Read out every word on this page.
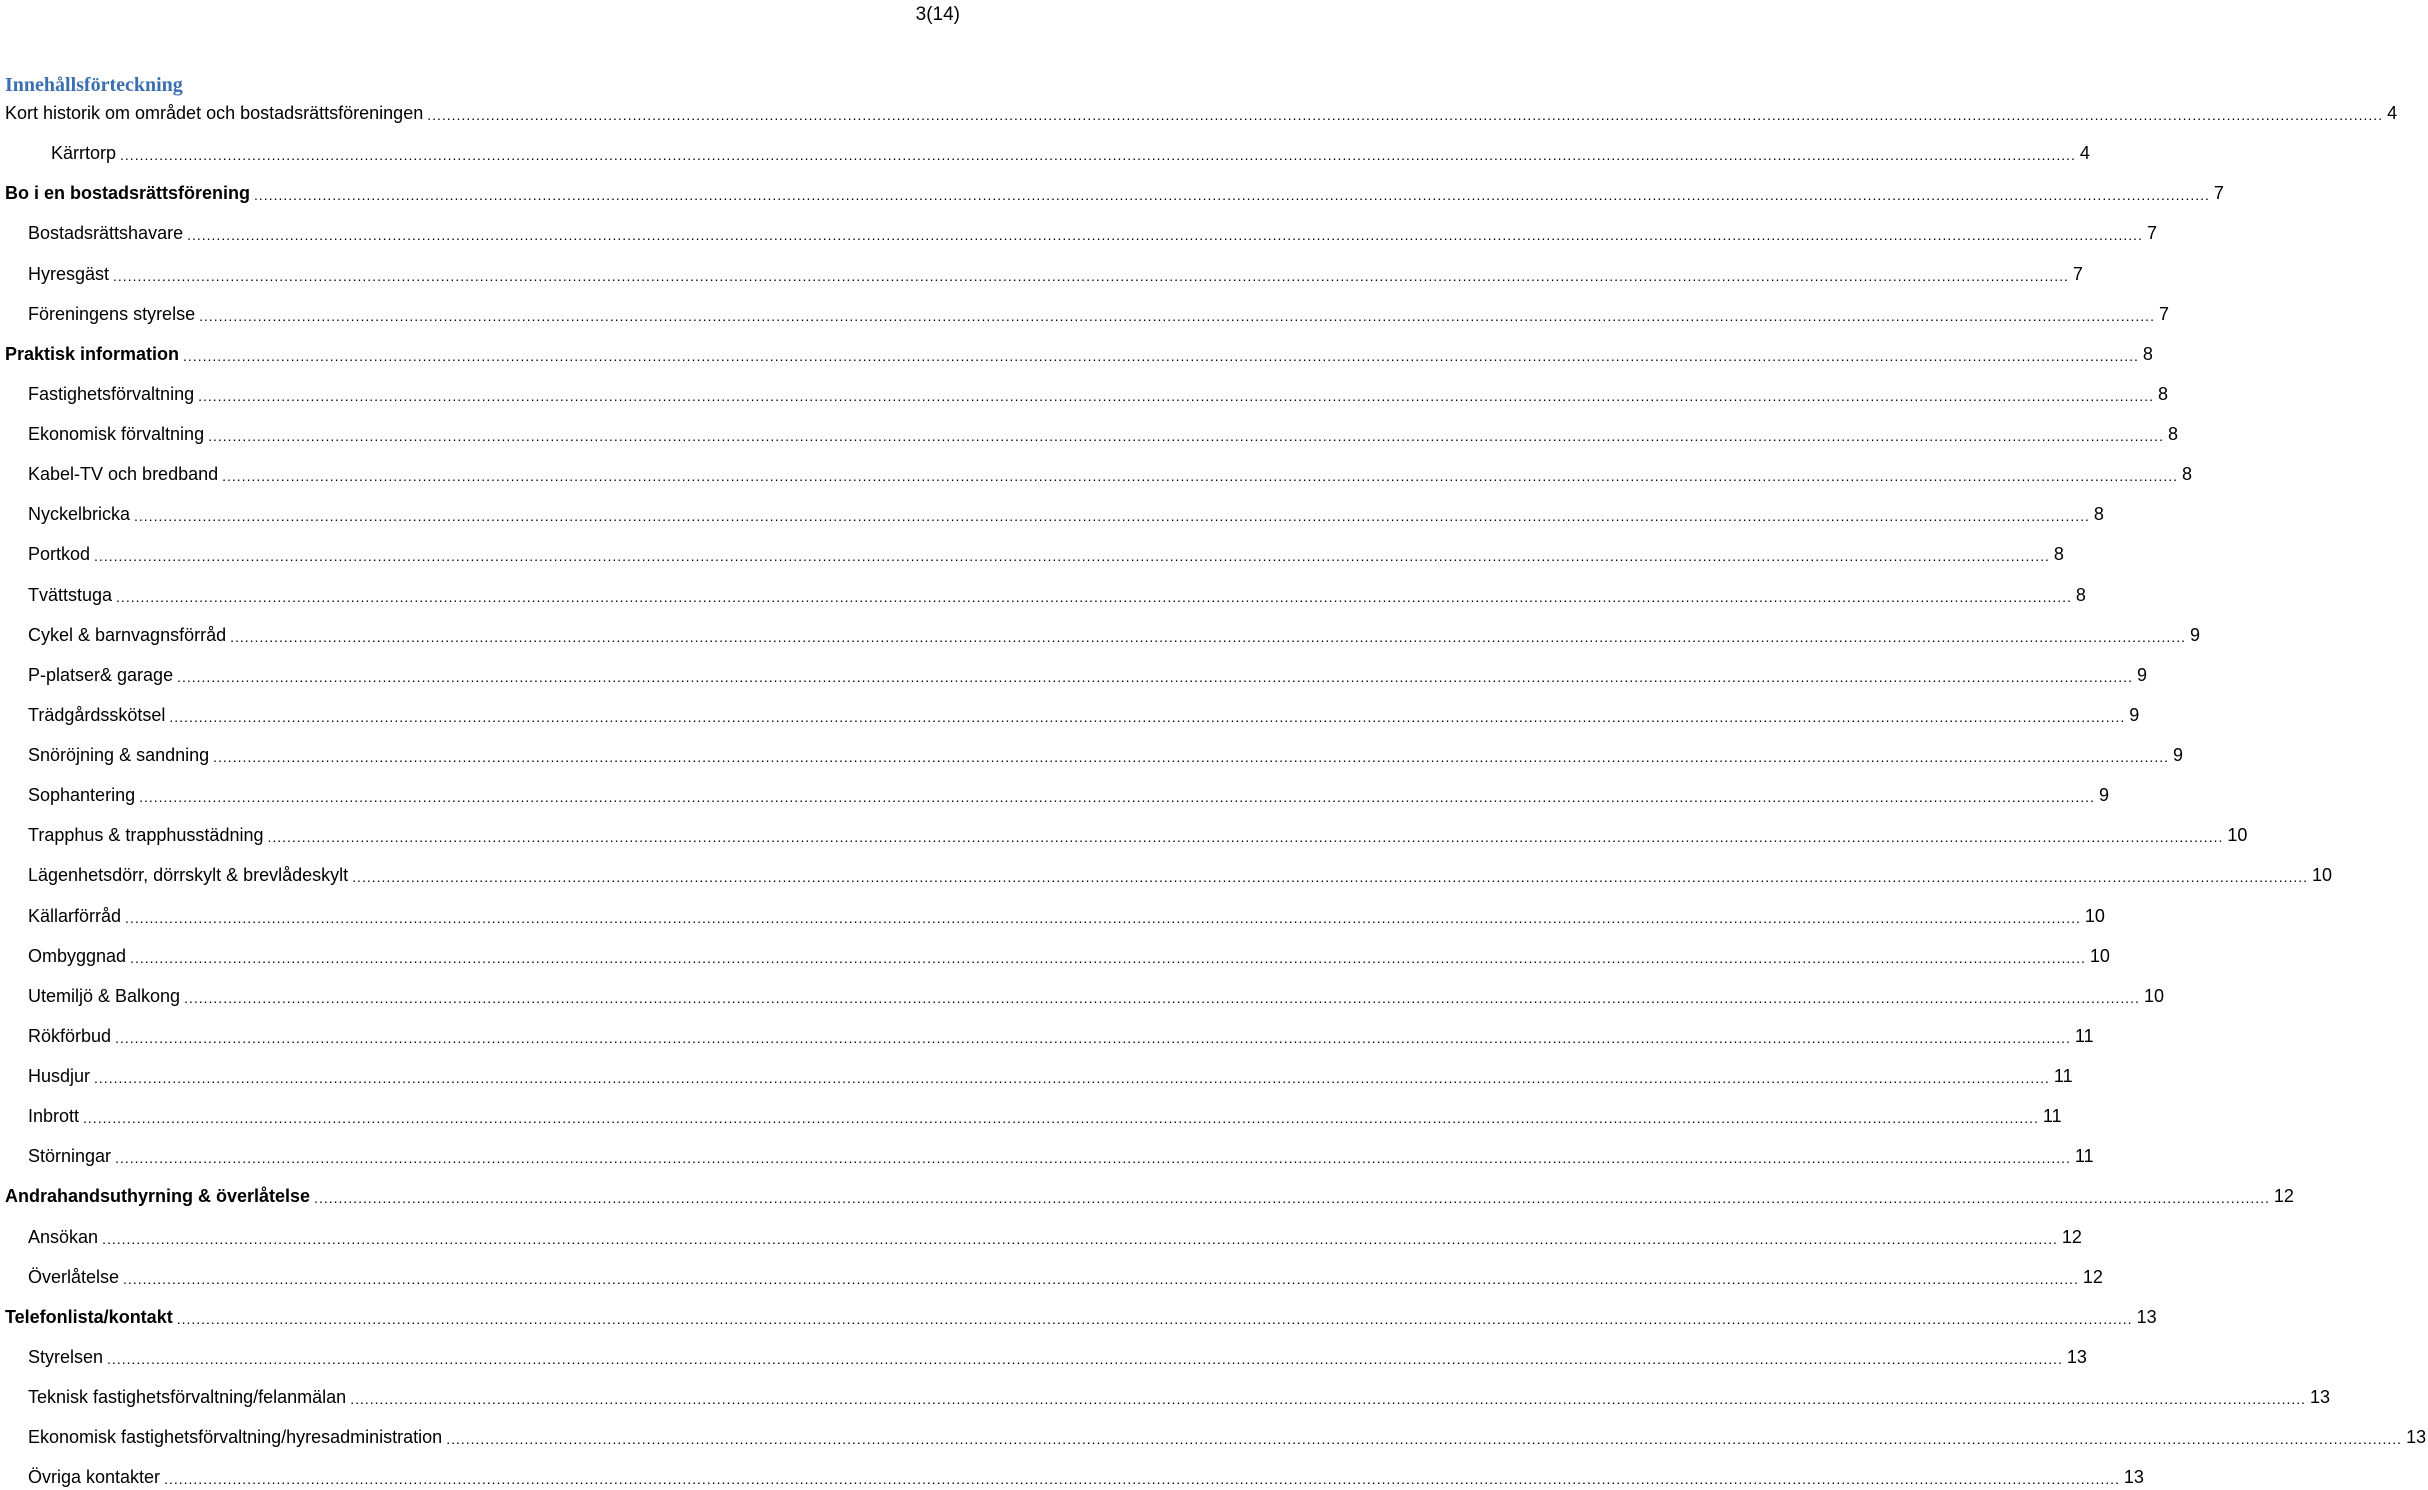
3(14)
Innehållsförteckning
Kort historik om området och bostadsrättsföreningen ................................................................................................................................................................................................................................................................................................................................................................................................................ 4
Kärrtorp ................................................................................................................................................................................................................................................................................................................................................................................................................ 4
Bo i en bostadsrättsförening ................................................................................................................................................................................................................................................................................................................................................................................................................ 7
Bostadsrättshavare ................................................................................................................................................................................................................................................................................................................................................................................................................ 7
Hyresgäst ................................................................................................................................................................................................................................................................................................................................................................................................................ 7
Föreningens styrelse ................................................................................................................................................................................................................................................................................................................................................................................................................ 7
Praktisk information ................................................................................................................................................................................................................................................................................................................................................................................................................ 8
Fastighetsförvaltning ................................................................................................................................................................................................................................................................................................................................................................................................................ 8
Ekonomisk förvaltning ................................................................................................................................................................................................................................................................................................................................................................................................................ 8
Kabel-TV och bredband ................................................................................................................................................................................................................................................................................................................................................................................................................ 8
Nyckelbricka ................................................................................................................................................................................................................................................................................................................................................................................................................ 8
Portkod ................................................................................................................................................................................................................................................................................................................................................................................................................ 8
Tvättstuga ................................................................................................................................................................................................................................................................................................................................................................................................................ 8
Cykel & barnvagnsförråd ................................................................................................................................................................................................................................................................................................................................................................................................................ 9
P-platser& garage ................................................................................................................................................................................................................................................................................................................................................................................................................ 9
Trädgårdsskötsel ................................................................................................................................................................................................................................................................................................................................................................................................................ 9
Snöröjning & sandning ................................................................................................................................................................................................................................................................................................................................................................................................................ 9
Sophantering ................................................................................................................................................................................................................................................................................................................................................................................................................ 9
Trapphus & trapphusstädning ................................................................................................................................................................................................................................................................................................................................................................................................................ 10
Lägenhetsdörr, dörrskylt & brevlådeskylt ................................................................................................................................................................................................................................................................................................................................................................................................................ 10
Källarförråd ................................................................................................................................................................................................................................................................................................................................................................................................................ 10
Ombyggnad ................................................................................................................................................................................................................................................................................................................................................................................................................ 10
Utemiljö & Balkong ................................................................................................................................................................................................................................................................................................................................................................................................................ 10
Rökförbud ................................................................................................................................................................................................................................................................................................................................................................................................................ 11
Husdjur ................................................................................................................................................................................................................................................................................................................................................................................................................ 11
Inbrott ................................................................................................................................................................................................................................................................................................................................................................................................................ 11
Störningar ................................................................................................................................................................................................................................................................................................................................................................................................................ 11
Andrahandsuthyrning & överlåtelse ................................................................................................................................................................................................................................................................................................................................................................................................................ 12
Ansökan ................................................................................................................................................................................................................................................................................................................................................................................................................ 12
Överlåtelse ................................................................................................................................................................................................................................................................................................................................................................................................................ 12
Telefonlista/kontakt ................................................................................................................................................................................................................................................................................................................................................................................................................ 13
Styrelsen ................................................................................................................................................................................................................................................................................................................................................................................................................ 13
Teknisk fastighetsförvaltning/felanmälan ................................................................................................................................................................................................................................................................................................................................................................................................................ 13
Ekonomisk fastighetsförvaltning/hyresadministration ................................................................................................................................................................................................................................................................................................................................................................................................................ 13
Övriga kontakter ................................................................................................................................................................................................................................................................................................................................................................................................................ 13
